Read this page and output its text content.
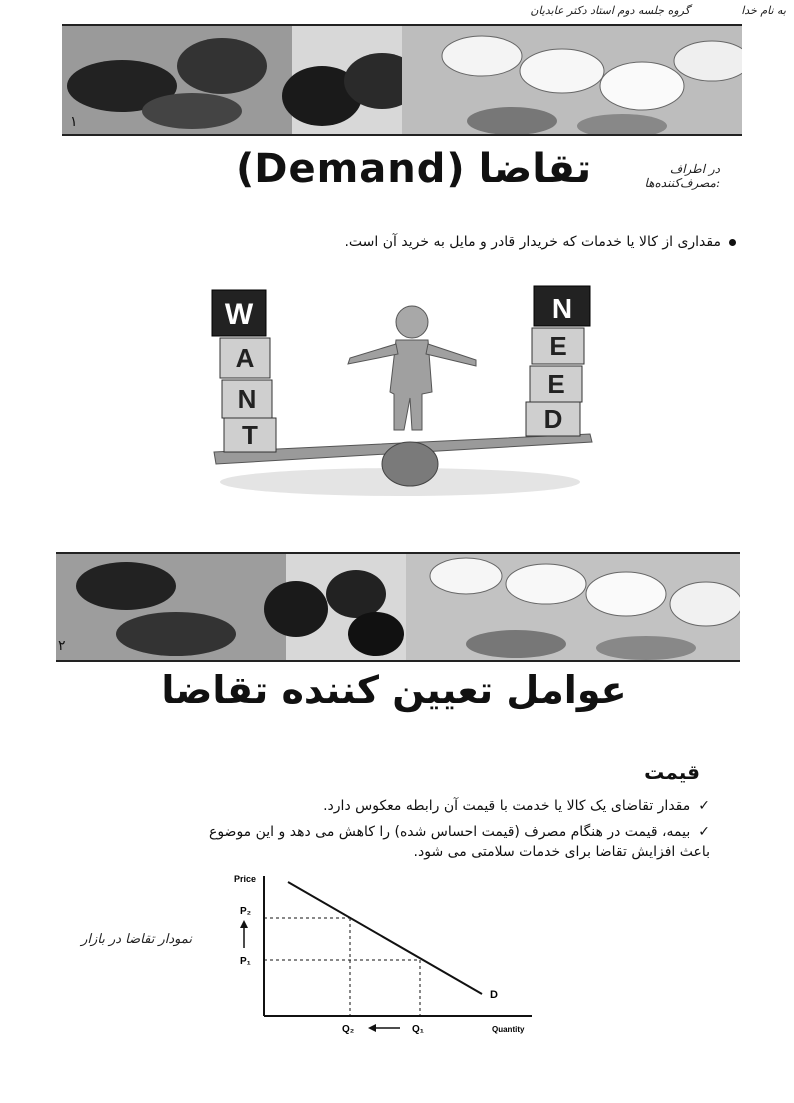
به نام خدا
گروه جلسه دوم استاد دکتر عابدیان
۱
در اطراف مصرف‌کننده‌ها:
تقاضا (Demand)
مقداری از کالا یا خدمات که خریدار قادر و مایل به خرید آن است.
W
A
N
T
N
E
E
D
۲
عوامل تعیین کننده تقاضا
قیمت
✓مقدار تقاضای یک کالا یا خدمت با قیمت آن رابطه معکوس دارد.
✓بیمه، قیمت در هنگام مصرف (قیمت احساس شده) را کاهش می دهد و این موضوع باعث افزایش تقاضا برای خدمات سلامتی می شود.
نمودار تقاضا در بازار
Price
Quantity
D
P₂
P₁
Q₂	Q₁
